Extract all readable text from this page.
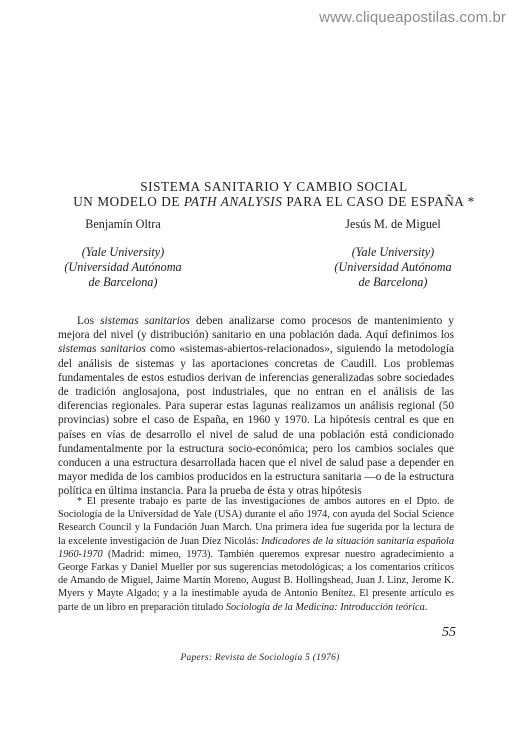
www.cliqueapostilas.com.br
SISTEMA SANITARIO Y CAMBIO SOCIAL
UN MODELO DE PATH ANALYSIS PARA EL CASO DE ESPAÑA *
Benjamín Oltra
(Yale University)
(Universidad Autónoma
de Barcelona)
Jesús M. de Miguel
(Yale University)
(Universidad Autónoma
de Barcelona)

Los sistemas sanitarios deben analizarse como procesos de mantenimiento y mejora del nivel (y distribución) sanitario en una población dada. Aquí definimos los sistemas sanitarios como «sistemas-abiertos-relacionados», siguiendo la metodología del análisis de sistemas y las aportaciones concretas de Caudill. Los problemas fundamentales de estos estudios derivan de inferencias generalizadas sobre sociedades de tradición anglosajona, post industriales, que no entran en el análisis de las diferencias regionales. Para superar estas lagunas realizamos un análisis regional (50 provincias) sobre el caso de España, en 1960 y 1970. La hipótesis central es que en países en vías de desarrollo el nivel de salud de una población está condicionado fundamentalmente por la estructura socio-económica; pero los cambios sociales que conducen a una estructura desarrollada hacen que el nivel de salud pase a depender en mayor medida de los cambios producidos en la estructura sanitaria —o de la estructura política en última instancia. Para la prueba de ésta y otras hipótesis

* El presente trabajo es parte de las investigaciones de ambos autores en el Dpto. de Sociología de la Universidad de Yale (USA) durante el año 1974, con ayuda del Social Science Research Council y la Fundación Juan March. Una primera idea fue sugerida por la lectura de la excelente investigación de Juan Díez Nicolás: Indicadores de la situación sanitaria española 1960-1970 (Madrid: mimeo, 1973). También queremos expresar nuestro agradecimiento a George Farkas y Daniel Mueller por sus sugerencias metodológicas; a los comentarios críticos de Amando de Miguel, Jaime Martín Moreno, August B. Hollingshead, Juan J. Linz, Jerome K. Myers y Mayte Algado; y a la inestimable ayuda de Antonio Benítez. El presente artículo es parte de un libro en preparación titulado Sociología de la Medicina: Introducción teórica.

55
Papers: Revista de Sociología 5 (1976)
